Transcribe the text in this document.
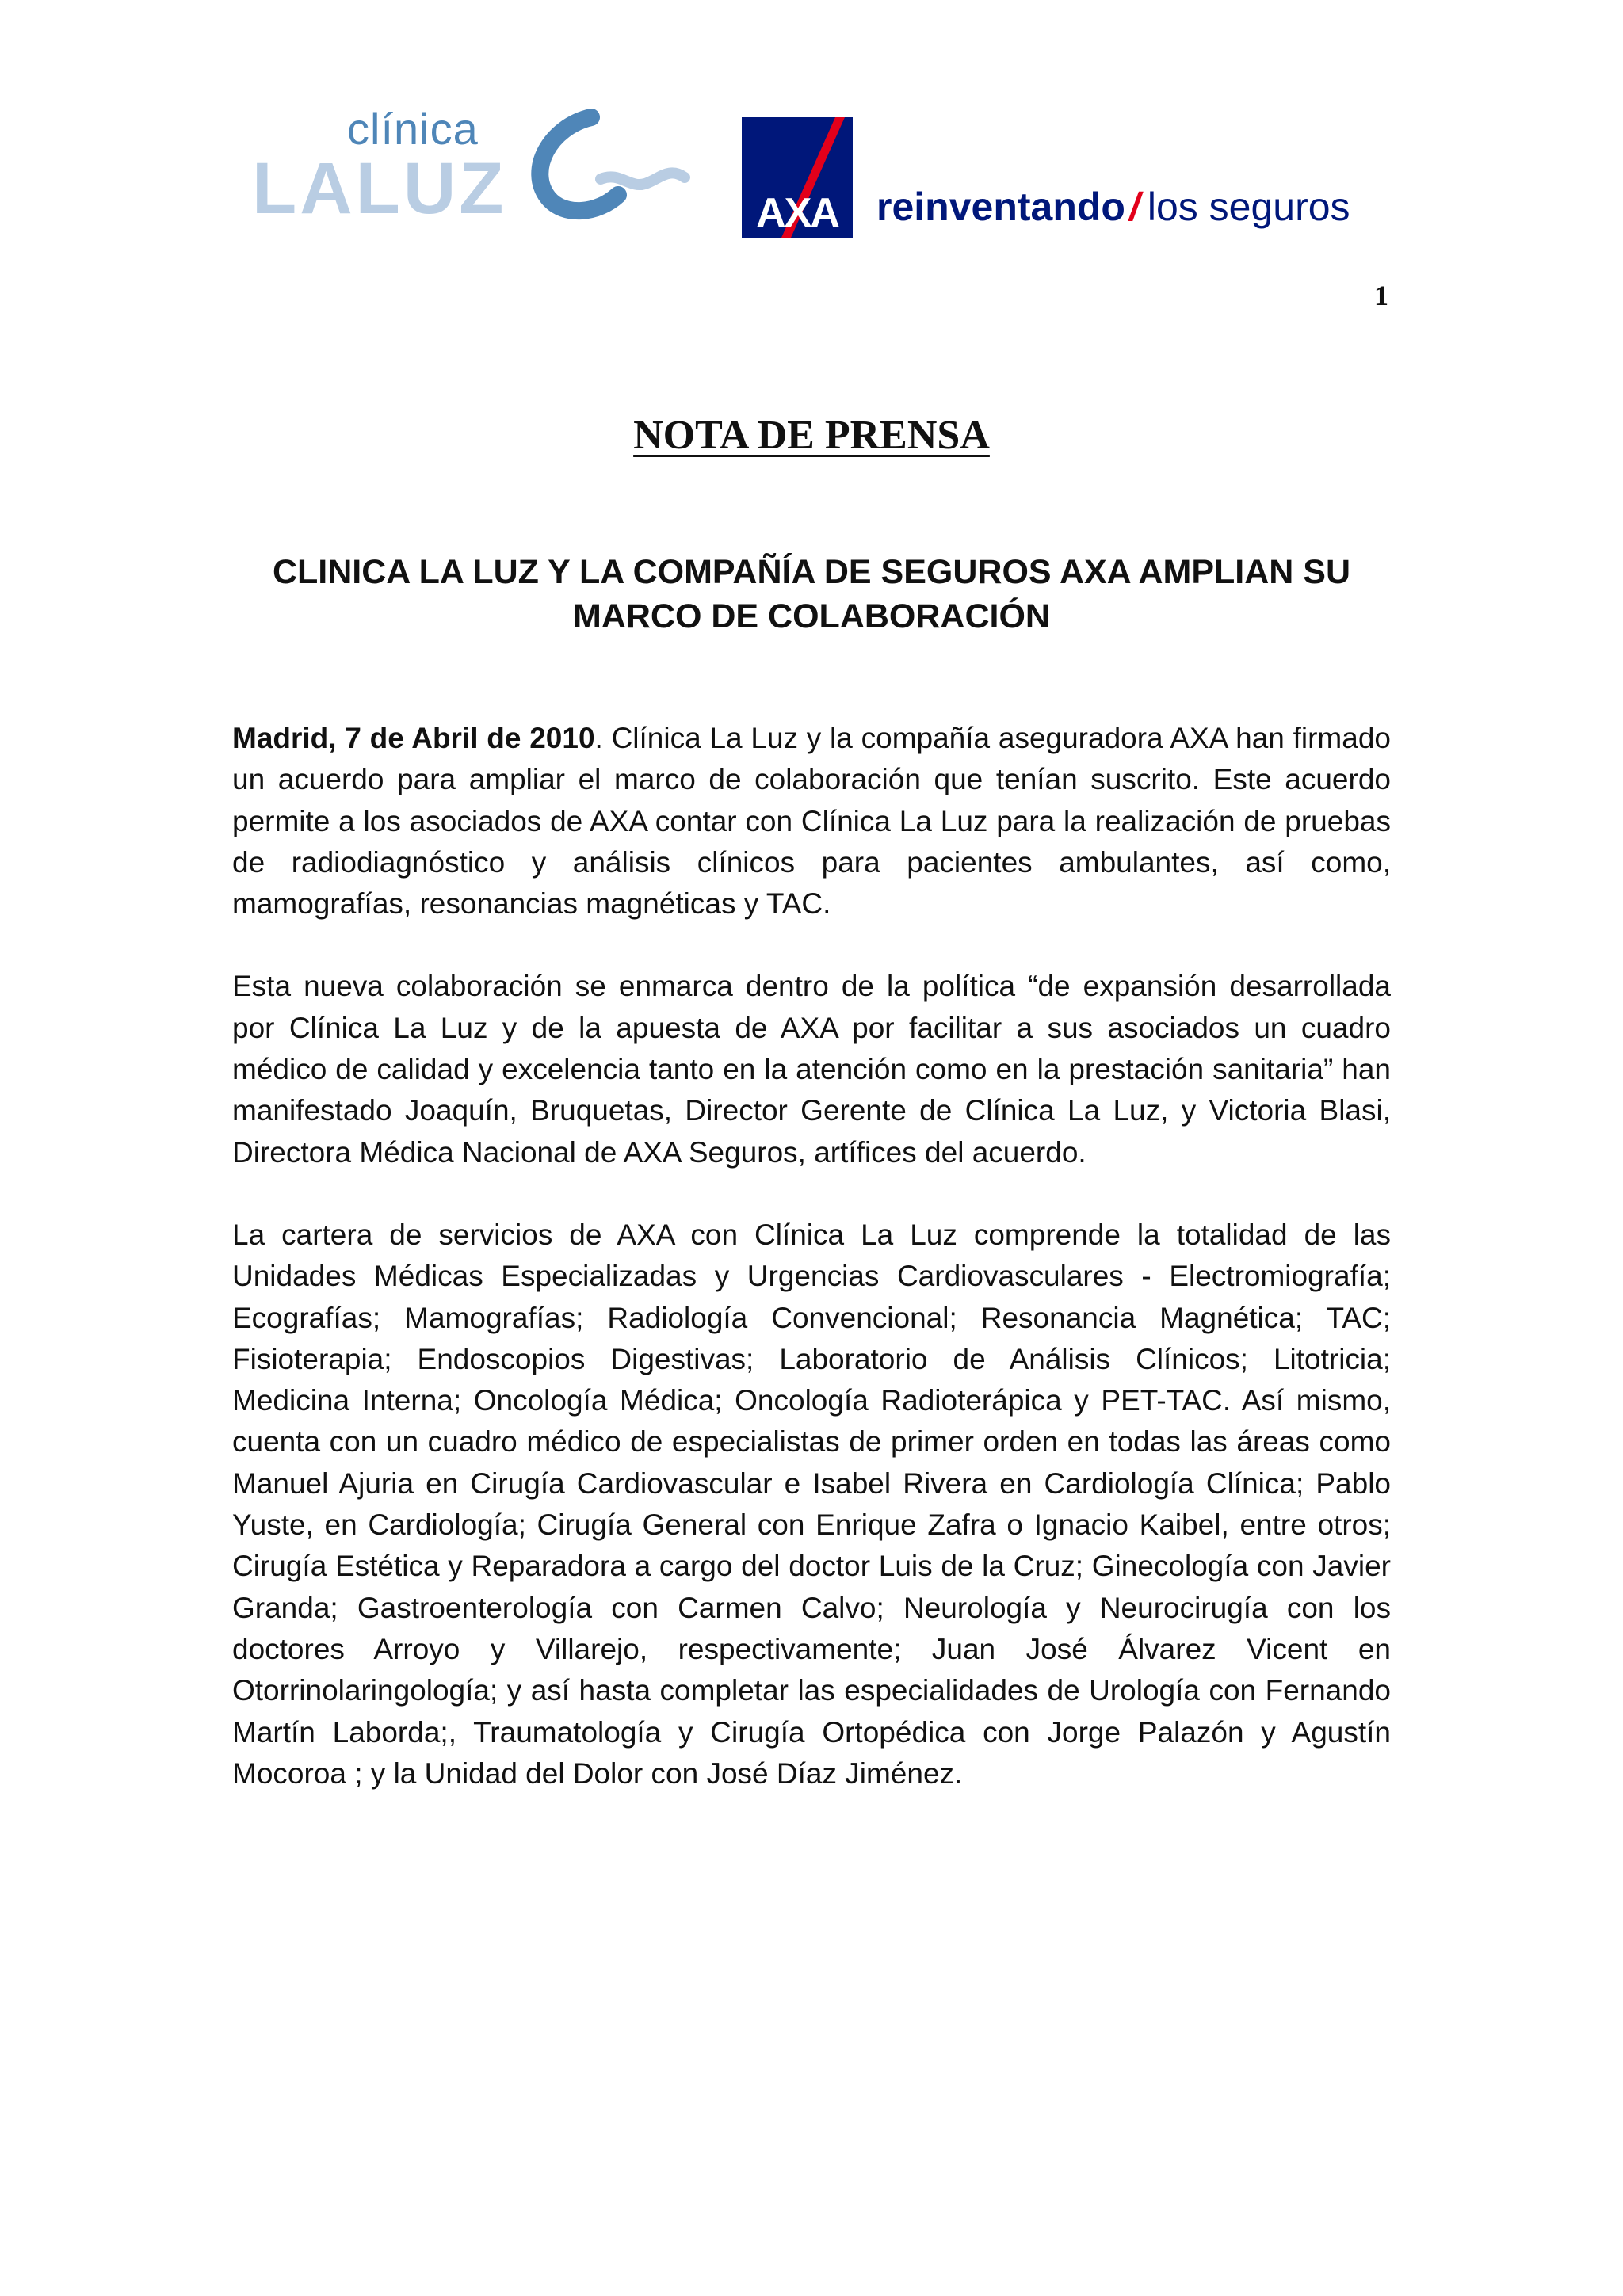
clínica
LALUZ	AXA reinventando/los seguros
1
NOTA DE PRENSA
CLINICA LA LUZ Y LA COMPAÑÍA DE SEGUROS AXA AMPLIAN SU MARCO DE COLABORACIÓN

Madrid, 7 de Abril de 2010. Clínica La Luz y la compañía aseguradora AXA han firmado un acuerdo para ampliar el marco de colaboración que tenían suscrito. Este acuerdo permite a los asociados de AXA contar con Clínica La Luz para la realización de pruebas de radiodiagnóstico y análisis clínicos para pacientes ambulantes, así como, mamografías, resonancias magnéticas y TAC.

Esta nueva colaboración se enmarca dentro de la política “de expansión desarrollada por Clínica La Luz y de la apuesta de AXA por facilitar a sus asociados un cuadro médico de calidad y excelencia tanto en la atención como en la prestación sanitaria” han manifestado Joaquín, Bruquetas, Director Gerente de Clínica La Luz, y Victoria Blasi, Directora Médica Nacional de AXA Seguros, artífices del acuerdo.

La cartera de servicios de AXA con Clínica La Luz comprende la totalidad de las Unidades Médicas Especializadas y Urgencias Cardiovasculares - Electromiografía; Ecografías; Mamografías; Radiología Convencional; Resonancia Magnética; TAC; Fisioterapia; Endoscopios Digestivas; Laboratorio de Análisis Clínicos; Litotricia; Medicina Interna; Oncología Médica; Oncología Radioterápica y PET-TAC. Así mismo, cuenta con un cuadro médico de especialistas de primer orden en todas las áreas como Manuel Ajuria en Cirugía Cardiovascular e Isabel Rivera en Cardiología Clínica; Pablo Yuste, en Cardiología; Cirugía General con Enrique Zafra o Ignacio Kaibel, entre otros; Cirugía Estética y Reparadora a cargo del doctor Luis de la Cruz; Ginecología con Javier Granda; Gastroenterología con Carmen Calvo; Neurología y Neurocirugía con los doctores Arroyo y Villarejo, respectivamente; Juan José Álvarez Vicent en Otorrinolaringología; y así hasta completar las especialidades de Urología con Fernando Martín Laborda;, Traumatología y Cirugía Ortopédica con Jorge Palazón y Agustín Mocoroa ; y la Unidad del Dolor con José Díaz Jiménez.
